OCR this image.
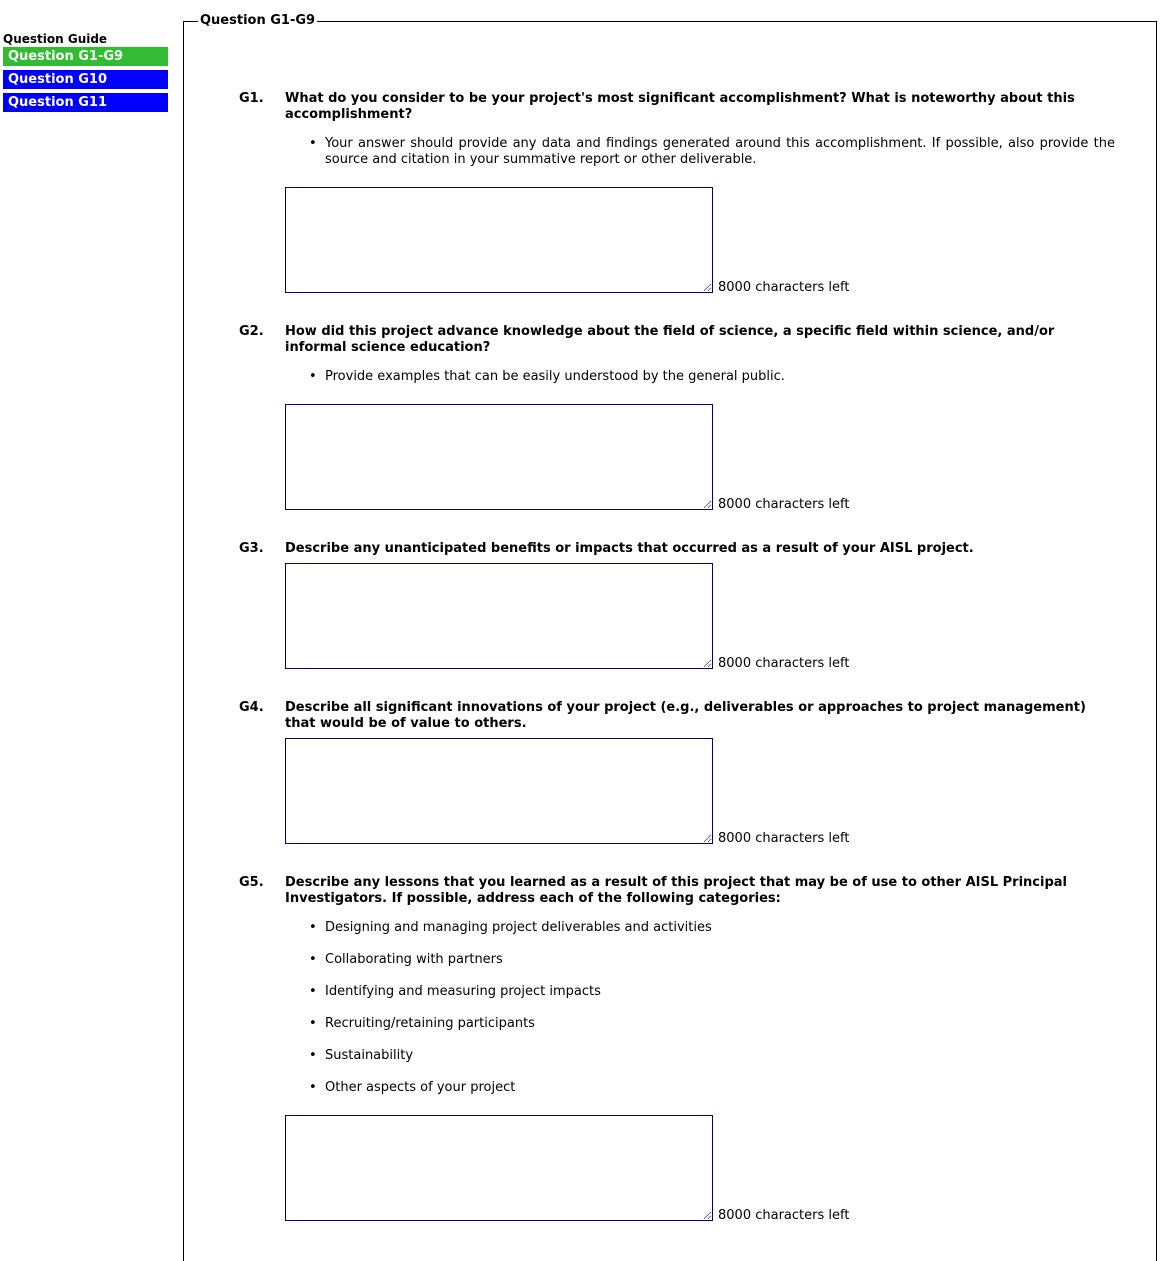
Question Guide
Question G1-G9
Question G10
Question G11
Question G1-G9
G1. What do you consider to be your project's most significant accomplishment? What is noteworthy about this accomplishment?
• Your answer should provide any data and findings generated around this accomplishment. If possible, also provide the source and citation in your summative report or other deliverable.
8000 characters left
G2. How did this project advance knowledge about the field of science, a specific field within science, and/or informal science education?
• Provide examples that can be easily understood by the general public.
8000 characters left
G3. Describe any unanticipated benefits or impacts that occurred as a result of your AISL project.
8000 characters left
G4. Describe all significant innovations of your project (e.g., deliverables or approaches to project management) that would be of value to others.
8000 characters left
G5. Describe any lessons that you learned as a result of this project that may be of use to other AISL Principal Investigators. If possible, address each of the following categories:
• Designing and managing project deliverables and activities
• Collaborating with partners
• Identifying and measuring project impacts
• Recruiting/retaining participants
• Sustainability
• Other aspects of your project
8000 characters left
